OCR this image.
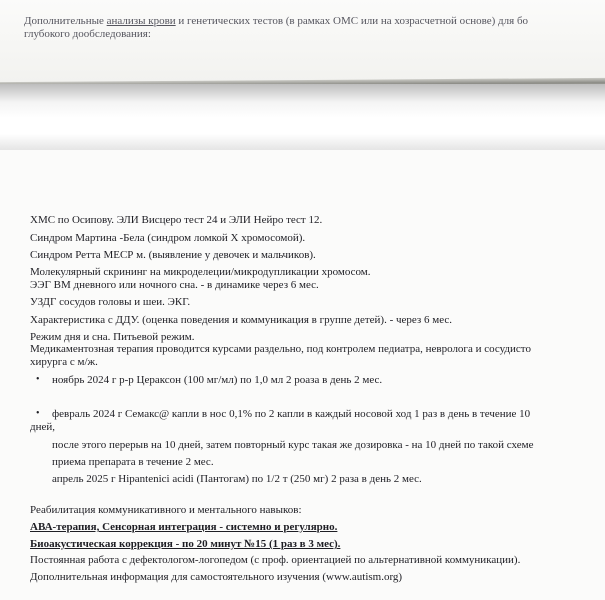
Дополнительные анализы крови и генетических тестов (в рамках ОМС или на хозрасчетной основе) для бо
глубокого дообследования:
ХМС по Осипову. ЭЛИ Висцеро тест 24 и ЭЛИ Нейро тест 12.
Синдром Мартина -Бела (синдром ломкой X хромосомой).
Синдром Ретта МЕСР м. (выявление у девочек и мальчиков).
Молекулярный скрининг на микроделеции/микродупликации хромосом.
ЭЭГ ВМ дневного или ночного сна. - в динамике через 6 мес.
УЗДГ сосудов головы и шеи. ЭКГ.
Характеристика с ДДУ. (оценка поведения и коммуникация в группе детей). - через 6 мес.
Режим дня и сна. Питьевой режим.
Медикаментозная терапия проводится курсами раздельно, под контролем педиатра, невролога и сосудисто
хирурга с м/ж.
• ноябрь 2024 г р-р Цераксон (100 мг/мл) по 1,0 мл 2 роаза в день 2 мес.
• февраль 2024 г Семакс@ капли в нос 0,1% по 2 капли в каждый носовой ход 1 раз в день в течение 10
дней,
после этого перерыв на 10 дней, затем повторный курс такая же дозировка - на 10 дней по такой схеме
приема препарата в течение 2 мес.
апрель 2025 г Hipantenici acidi (Пантогам) по 1/2 т (250 мг) 2 раза в день 2 мес.
Реабилитация коммуникативного и ментального навыков:
АВА-терапия, Сенсорная интеграция - системно и регулярно.
Биоакустическая коррекция - по 20 минут №15 (1 раз в 3 мес).
Постоянная работа с дефектологом-логопедом (с проф. ориентацией по альтернативной коммуникации).
Дополнительная информация для самостоятельного изучения (www.autism.org)
